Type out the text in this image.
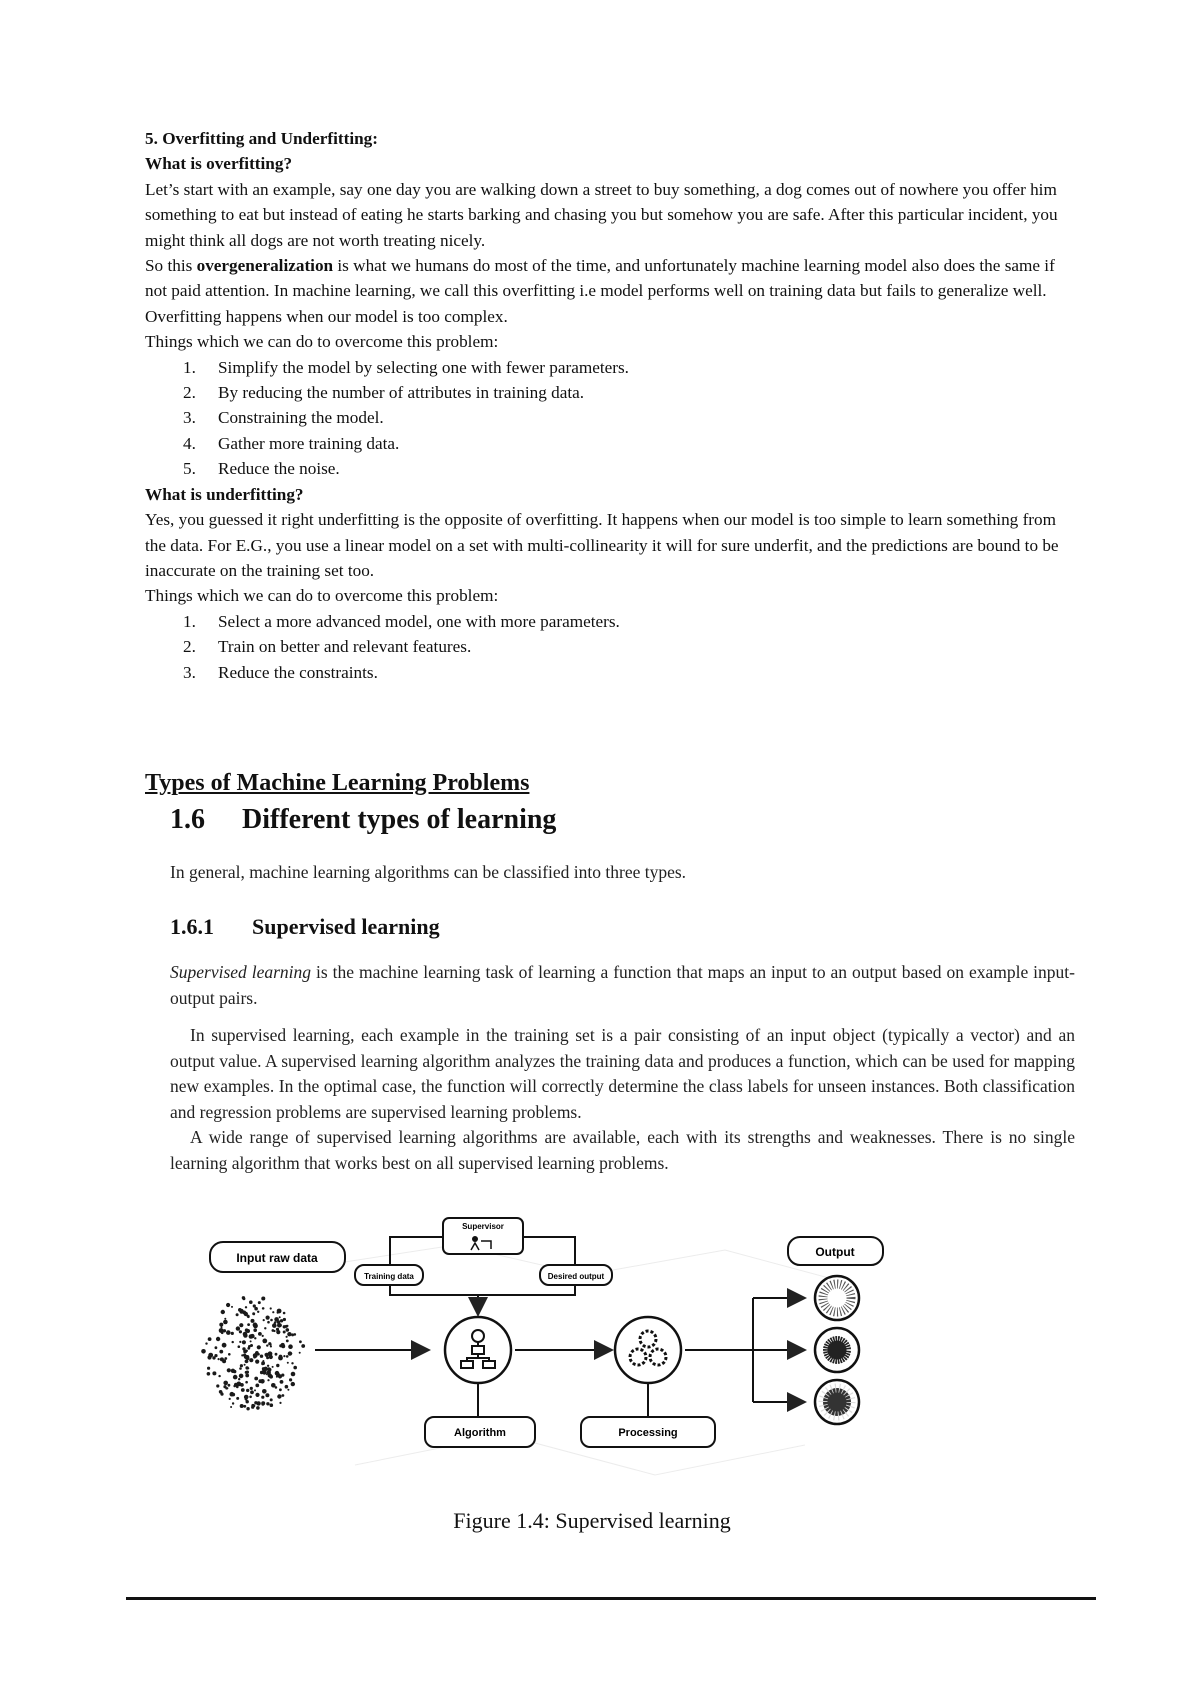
5. Overfitting and Underfitting:

What is overfitting?

Let’s start with an example, say one day you are walking down a street to buy something, a dog comes out of nowhere you offer him something to eat but instead of eating he starts barking and chasing you but somehow you are safe. After this particular incident, you might think all dogs are not worth treating nicely.

So this overgeneralization is what we humans do most of the time, and unfortunately machine learning model also does the same if not paid attention. In machine learning, we call this overfitting i.e model performs well on training data but fails to generalize well.

Overfitting happens when our model is too complex.

Things which we can do to overcome this problem:

1. Simplify the model by selecting one with fewer parameters.
2. By reducing the number of attributes in training data.
3. Constraining the model.
4. Gather more training data.
5. Reduce the noise.

What is underfitting?

Yes, you guessed it right underfitting is the opposite of overfitting. It happens when our model is too simple to learn something from the data. For E.G., you use a linear model on a set with multi-collinearity it will for sure underfit, and the predictions are bound to be inaccurate on the training set too.

Things which we can do to overcome this problem:

1. Select a more advanced model, one with more parameters.
2. Train on better and relevant features.
3. Reduce the constraints.
Types of Machine Learning Problems
1.6 Different types of learning

In general, machine learning algorithms can be classified into three types.

1.6.1 Supervised learning

Supervised learning is the machine learning task of learning a function that maps an input to an output based on example input-output pairs.

In supervised learning, each example in the training set is a pair consisting of an input object (typically a vector) and an output value. A supervised learning algorithm analyzes the training data and produces a function, which can be used for mapping new examples. In the optimal case, the function will correctly determine the class labels for unseen instances. Both classification and regression problems are supervised learning problems.

A wide range of supervised learning algorithms are available, each with its strengths and weaknesses. There is no single learning algorithm that works best on all supervised learning problems.

Input raw data
Supervisor
Training data	Desired output
Algorithm	Processing
Output
Figure 1.4: Supervised learning
